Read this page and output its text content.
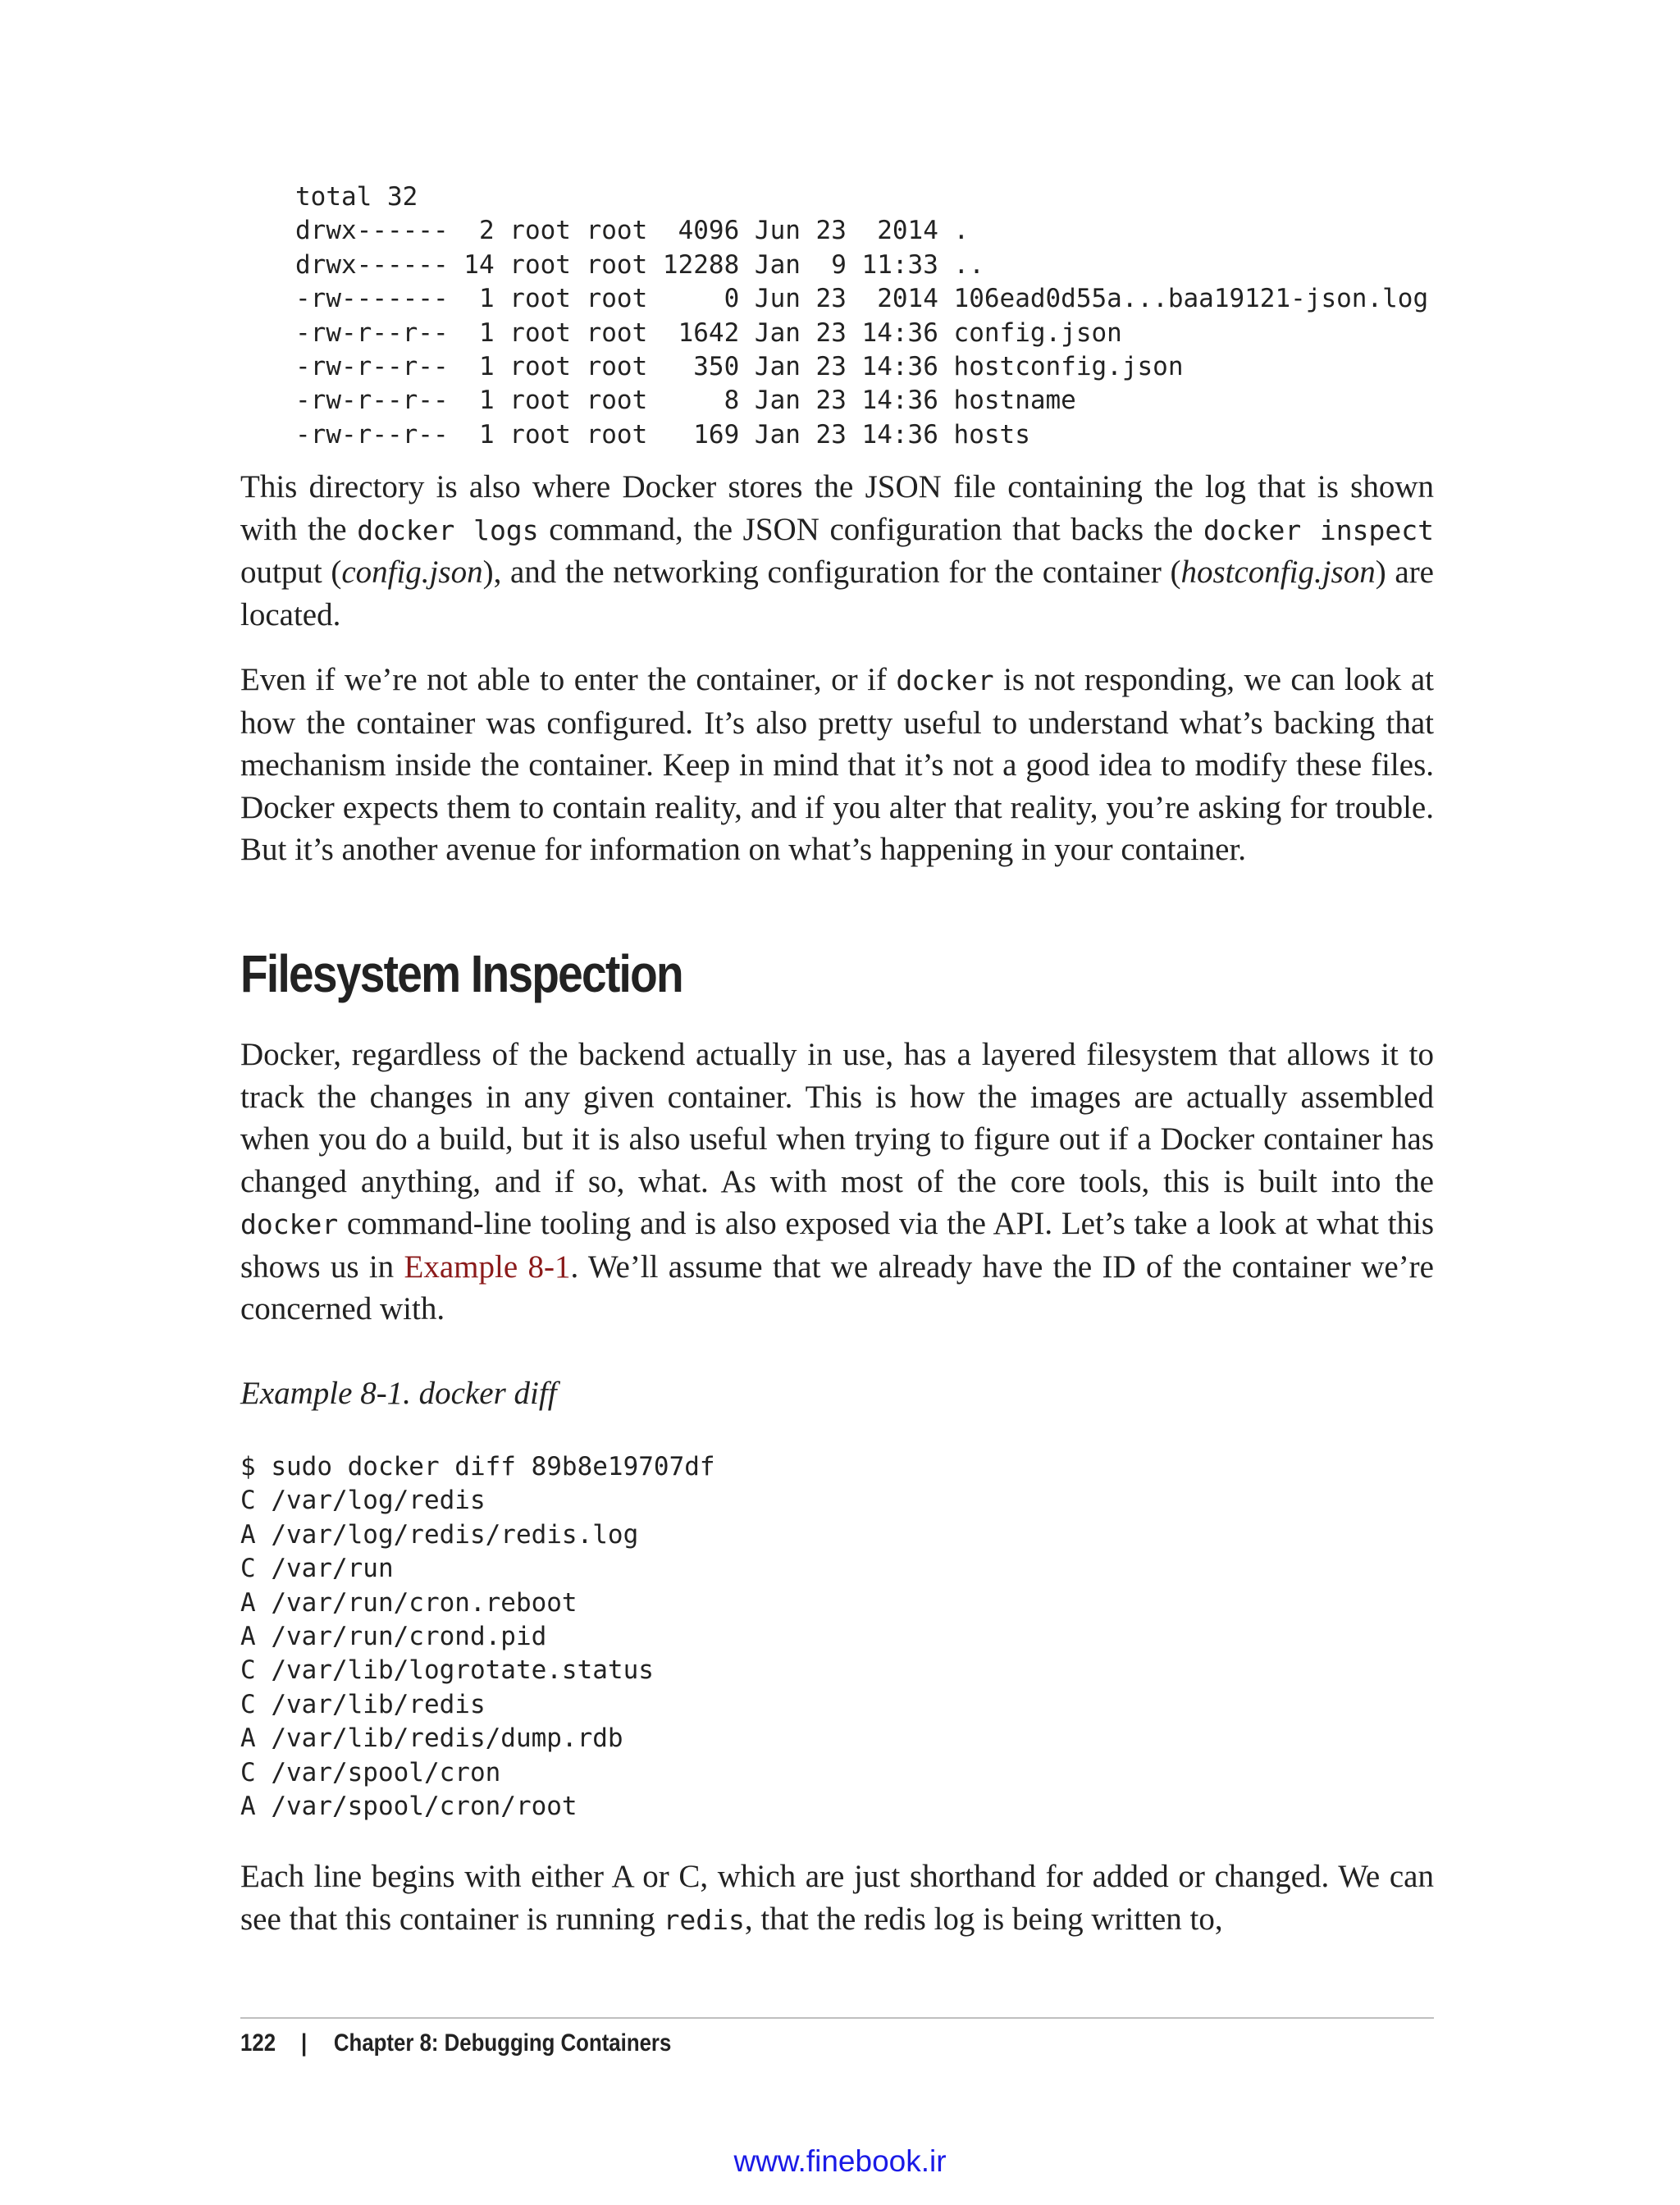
total 32
drwx------  2 root root  4096 Jun 23  2014 .
drwx------ 14 root root 12288 Jan  9 11:33 ..
-rw-------  1 root root     0 Jun 23  2014 106ead0d55a...baa19121-json.log
-rw-r--r--  1 root root  1642 Jan 23 14:36 config.json
-rw-r--r--  1 root root   350 Jan 23 14:36 hostconfig.json
-rw-r--r--  1 root root     8 Jan 23 14:36 hostname
-rw-r--r--  1 root root   169 Jan 23 14:36 hosts

This directory is also where Docker stores the JSON file containing the log that is shown with the docker logs command, the JSON configuration that backs the docker inspect output (config.json), and the networking configuration for the container (hostconfig.json) are located.

Even if we’re not able to enter the container, or if docker is not responding, we can look at how the container was configured. It’s also pretty useful to understand what’s backing that mechanism inside the container. Keep in mind that it’s not a good idea to modify these files. Docker expects them to contain reality, and if you alter that reality, you’re asking for trouble. But it’s another avenue for information on what’s happening in your container.

Filesystem Inspection

Docker, regardless of the backend actually in use, has a layered filesystem that allows it to track the changes in any given container. This is how the images are actually assembled when you do a build, but it is also useful when trying to figure out if a Docker container has changed anything, and if so, what. As with most of the core tools, this is built into the docker command-line tooling and is also exposed via the API. Let’s take a look at what this shows us in Example 8-1. We’ll assume that we already have the ID of the container we’re concerned with.

Example 8-1. docker diff

$ sudo docker diff 89b8e19707df
C /var/log/redis
A /var/log/redis/redis.log
C /var/run
A /var/run/cron.reboot
A /var/run/crond.pid
C /var/lib/logrotate.status
C /var/lib/redis
A /var/lib/redis/dump.rdb
C /var/spool/cron
A /var/spool/cron/root

Each line begins with either A or C, which are just shorthand for added or changed. We can see that this container is running redis, that the redis log is being written to,

122 | Chapter 8: Debugging Containers
www.finebook.ir
